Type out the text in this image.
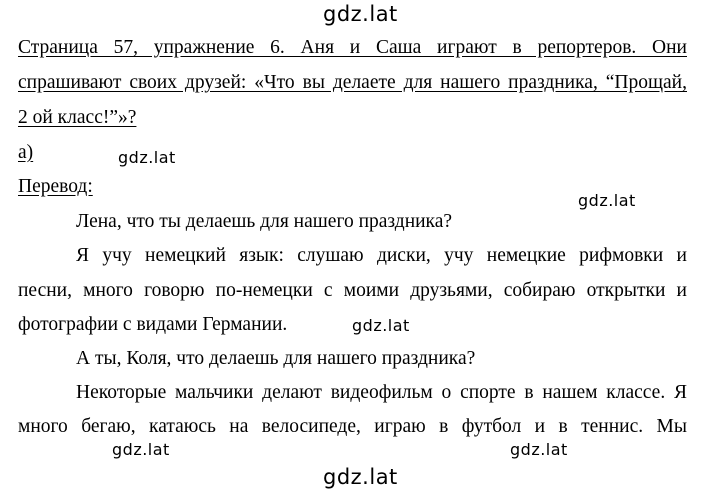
gdz.lat
gdz.lat
gdz.lat
gdz.lat
gdz.lat	gdz.lat
gdz.lat
Страница 57, упражнение 6. Аня и Саша играют в репортеров. Они
спрашивают своих друзей: «Что вы делаете для нашего праздника, “Прощай,
2 ой класс!”»?
а)
Перевод:
Лена, что ты делаешь для нашего праздника?
Я учу немецкий язык: слушаю диски, учу немецкие рифмовки и
песни, много говорю по-немецки с моими друзьями, собираю открытки и
фотографии с видами Германии.
А ты, Коля, что делаешь для нашего праздника?
Некоторые мальчики делают видеофильм о спорте в нашем классе. Я
много бегаю, катаюсь на велосипеде, играю в футбол и в теннис. Мы
